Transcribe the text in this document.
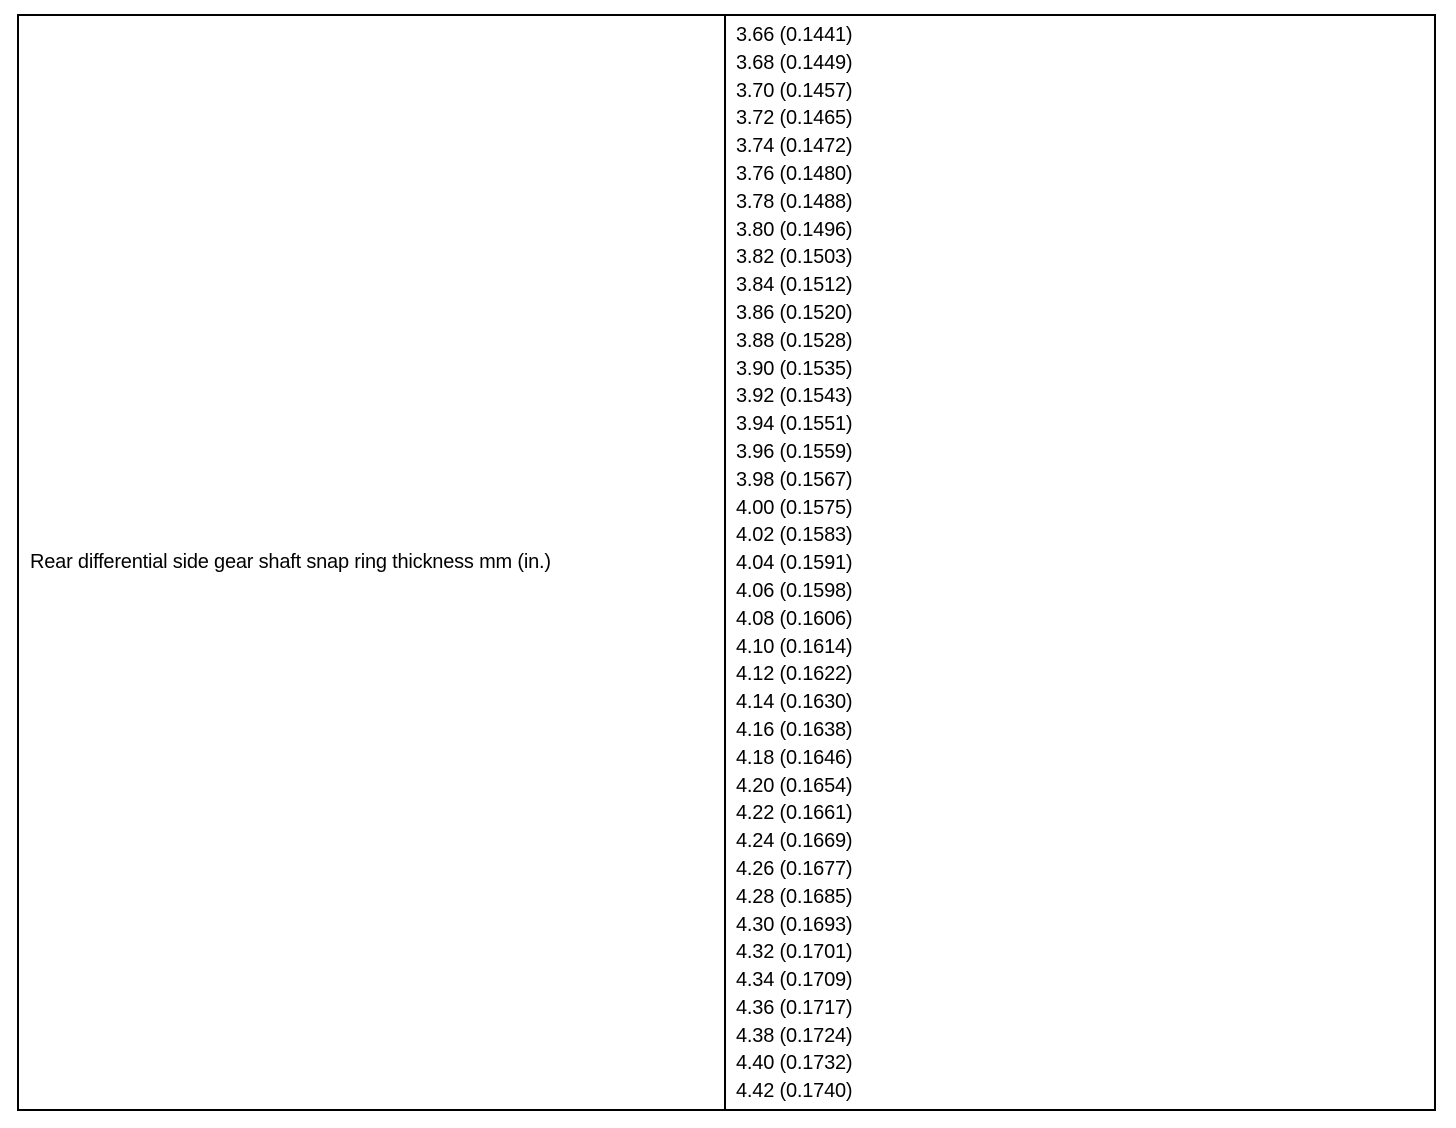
Rear differential side gear shaft snap ring thickness mm (in.)
3.66 (0.1441)
3.68 (0.1449)
3.70 (0.1457)
3.72 (0.1465)
3.74 (0.1472)
3.76 (0.1480)
3.78 (0.1488)
3.80 (0.1496)
3.82 (0.1503)
3.84 (0.1512)
3.86 (0.1520)
3.88 (0.1528)
3.90 (0.1535)
3.92 (0.1543)
3.94 (0.1551)
3.96 (0.1559)
3.98 (0.1567)
4.00 (0.1575)
4.02 (0.1583)
4.04 (0.1591)
4.06 (0.1598)
4.08 (0.1606)
4.10 (0.1614)
4.12 (0.1622)
4.14 (0.1630)
4.16 (0.1638)
4.18 (0.1646)
4.20 (0.1654)
4.22 (0.1661)
4.24 (0.1669)
4.26 (0.1677)
4.28 (0.1685)
4.30 (0.1693)
4.32 (0.1701)
4.34 (0.1709)
4.36 (0.1717)
4.38 (0.1724)
4.40 (0.1732)
4.42 (0.1740)
